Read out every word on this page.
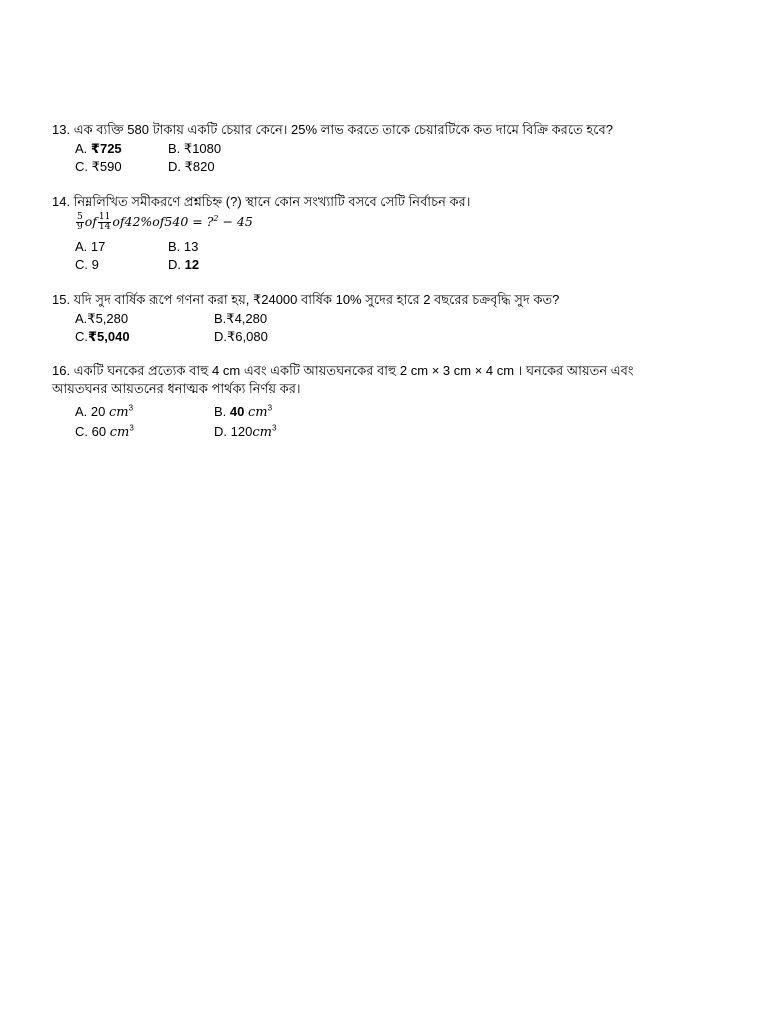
13. এক ব্যক্তি 580 টাকায় একটি চেয়ার কেনে। 25% লাভ করতে তাকে চেয়ারটিকে কত দামে বিক্রি করতে হবে?
A. ₹725	B. ₹1080
C. ₹590	D. ₹820
14. নিম্নলিখিত সমীকরণে প্রশ্নচিহ্ন (?) স্থানে কোন সংখ্যাটি বসবে সেটি নির্বাচন কর।
$\frac{5}{9}$ of $\frac{11}{14} of42\%of540$ = ?$^2$ − 45
A. 17	B. 13
C. 9	D. 12
15. যদি সুদ বার্ষিক রূপে গণনা করা হয়, ₹24000 বার্ষিক 10% সুদের হারে 2 বছরের চক্রবৃদ্ধি সুদ কত?
A.₹5,280	B.₹4,280
C.₹5,040	D.₹6,080
16. একটি ঘনকের প্রত্যেক বাহু 4 cm এবং একটি আয়তঘনকের বাহু 2 cm × 3 cm × 4 cm । ঘনকের আয়তন এবং
আয়তঘনর আয়তনের ধনাত্মক পার্থক্য নির্ণয় কর।
A. 20 $cm^3$	B. 40 $cm^3$
C. 60 $cm^3$	D. $120cm^3$
